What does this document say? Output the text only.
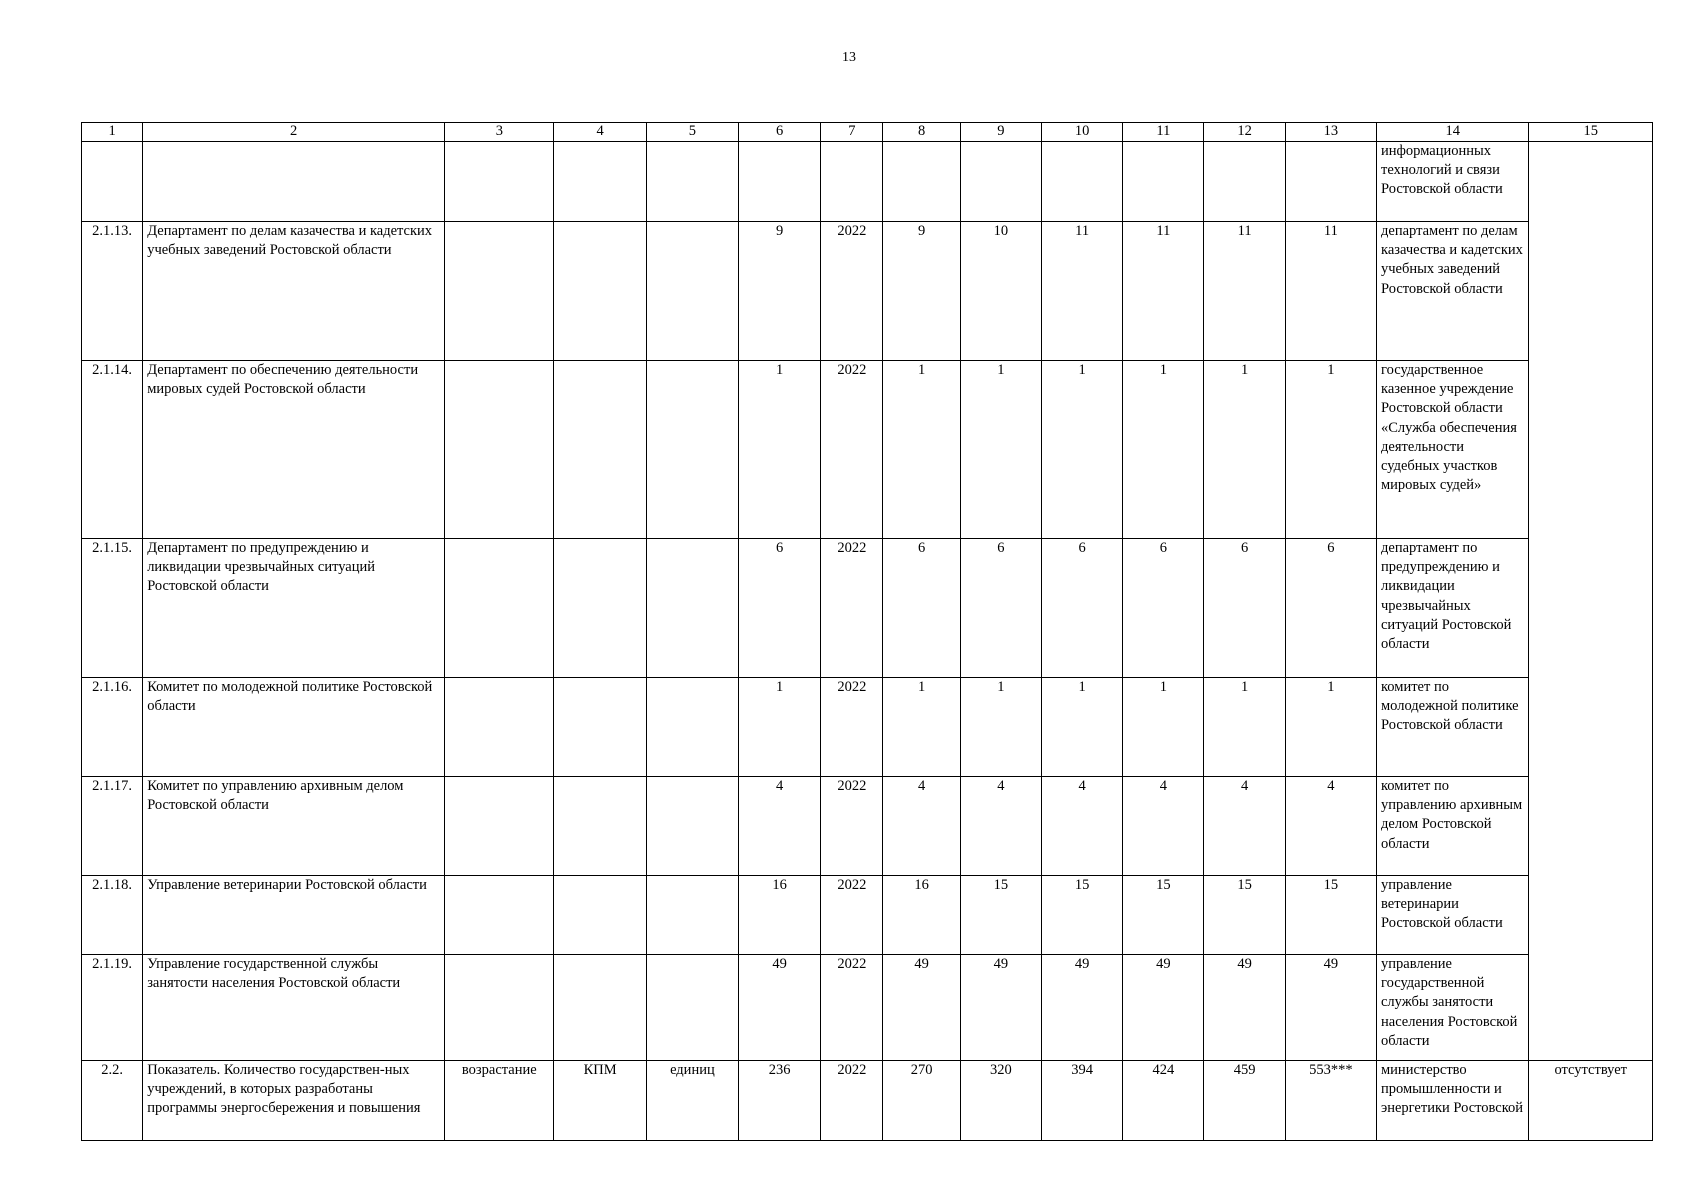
13
1	2	3	4	5	6	7	8	9	10	11	12	13	14	15
													информационных технологий и связи Ростовской области	
2.1.13.	Департамент по делам казачества и кадетских учебных заведений Ростовской области				9	2022	9	10	11	11	11	11	департамент по делам казачества и кадетских учебных заведений Ростовской области	
2.1.14.	Департамент по обеспечению деятельности мировых судей Ростовской области				1	2022	1	1	1	1	1	1	государственное казенное учреждение Ростовской области «Служба обеспечения деятельности судебных участков мировых судей»	
2.1.15.	Департамент по предупреждению и ликвидации чрезвычайных ситуаций Ростовской области				6	2022	6	6	6	6	6	6	департамент по предупреждению и ликвидации чрезвычайных ситуаций Ростовской области	
2.1.16.	Комитет по молодежной политике Ростовской области				1	2022	1	1	1	1	1	1	комитет по молодежной политике Ростовской области	
2.1.17.	Комитет по управлению архивным делом Ростовской области				4	2022	4	4	4	4	4	4	комитет по управлению архивным делом Ростовской области	
2.1.18.	Управление ветеринарии Ростовской области				16	2022	16	15	15	15	15	15	управление ветеринарии Ростовской области	
2.1.19.	Управление государственной службы занятости населения Ростовской области				49	2022	49	49	49	49	49	49	управление государственной службы занятости населения Ростовской области	
2.2.	Показатель. Количество государствен-ных учреждений, в которых разработаны программы энергосбережения и повышения	возрастание	КПМ	единиц	236	2022	270	320	394	424	459	553***	министерство промышленности и энергетики Ростовской	отсутствует
